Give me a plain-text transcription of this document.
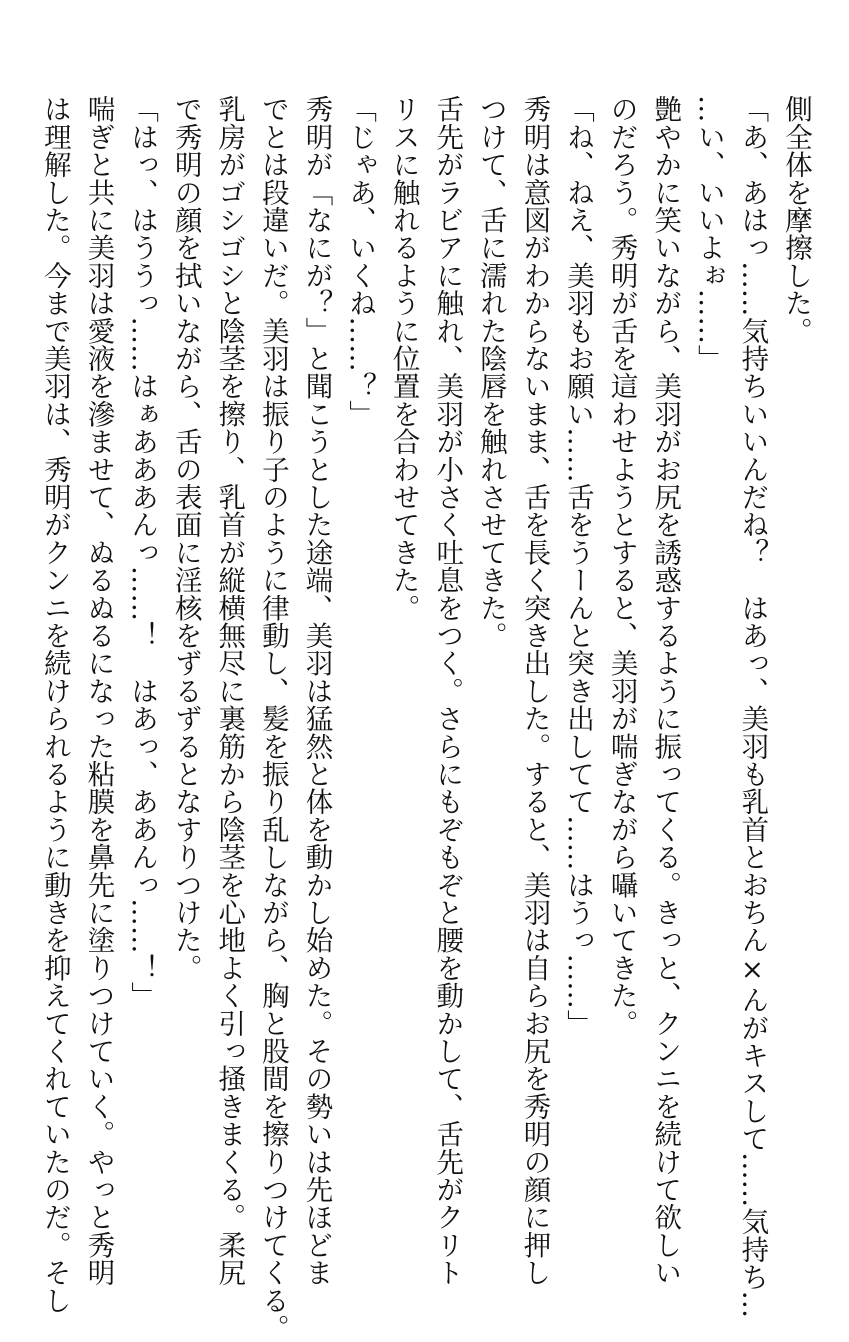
側全体を摩擦した。
「あ、あはっ……気持ちいいんだね？　はあっ、美羽も乳首とおちん×んがキスして……気持ち…
…い、いいよぉ……」
艶やかに笑いながら、美羽がお尻を誘惑するように振ってくる。きっと、クンニを続けて欲しい
のだろう。秀明が舌を這わせようとすると、美羽が喘ぎながら囁いてきた。
「ね、ねえ、美羽もお願い……舌をうーんと突き出してて……はうっ……」
秀明は意図がわからないまま、舌を長く突き出した。すると、美羽は自らお尻を秀明の顔に押し
つけて、舌に濡れた陰唇を触れさせてきた。
舌先がラビアに触れ、美羽が小さく吐息をつく。さらにもぞもぞと腰を動かして、舌先がクリト
リスに触れるように位置を合わせてきた。
「じゃあ、いくね……？」
秀明が「なにが？」と聞こうとした途端、美羽は猛然と体を動かし始めた。その勢いは先ほどま
でとは段違いだ。美羽は振り子のように律動し、髪を振り乱しながら、胸と股間を擦りつけてくる。
乳房がゴシゴシと陰茎を擦り、乳首が縦横無尽に裏筋から陰茎を心地よく引っ掻きまくる。柔尻
で秀明の顔を拭いながら、舌の表面に淫核をずるずるとなすりつけた。
「はっ、はううっ……はぁあああんっ……！　はあっ、ああんっ……！」
喘ぎと共に美羽は愛液を滲ませて、ぬるぬるになった粘膜を鼻先に塗りつけていく。やっと秀明
は理解した。今まで美羽は、秀明がクンニを続けられるように動きを抑えてくれていたのだ。そし
